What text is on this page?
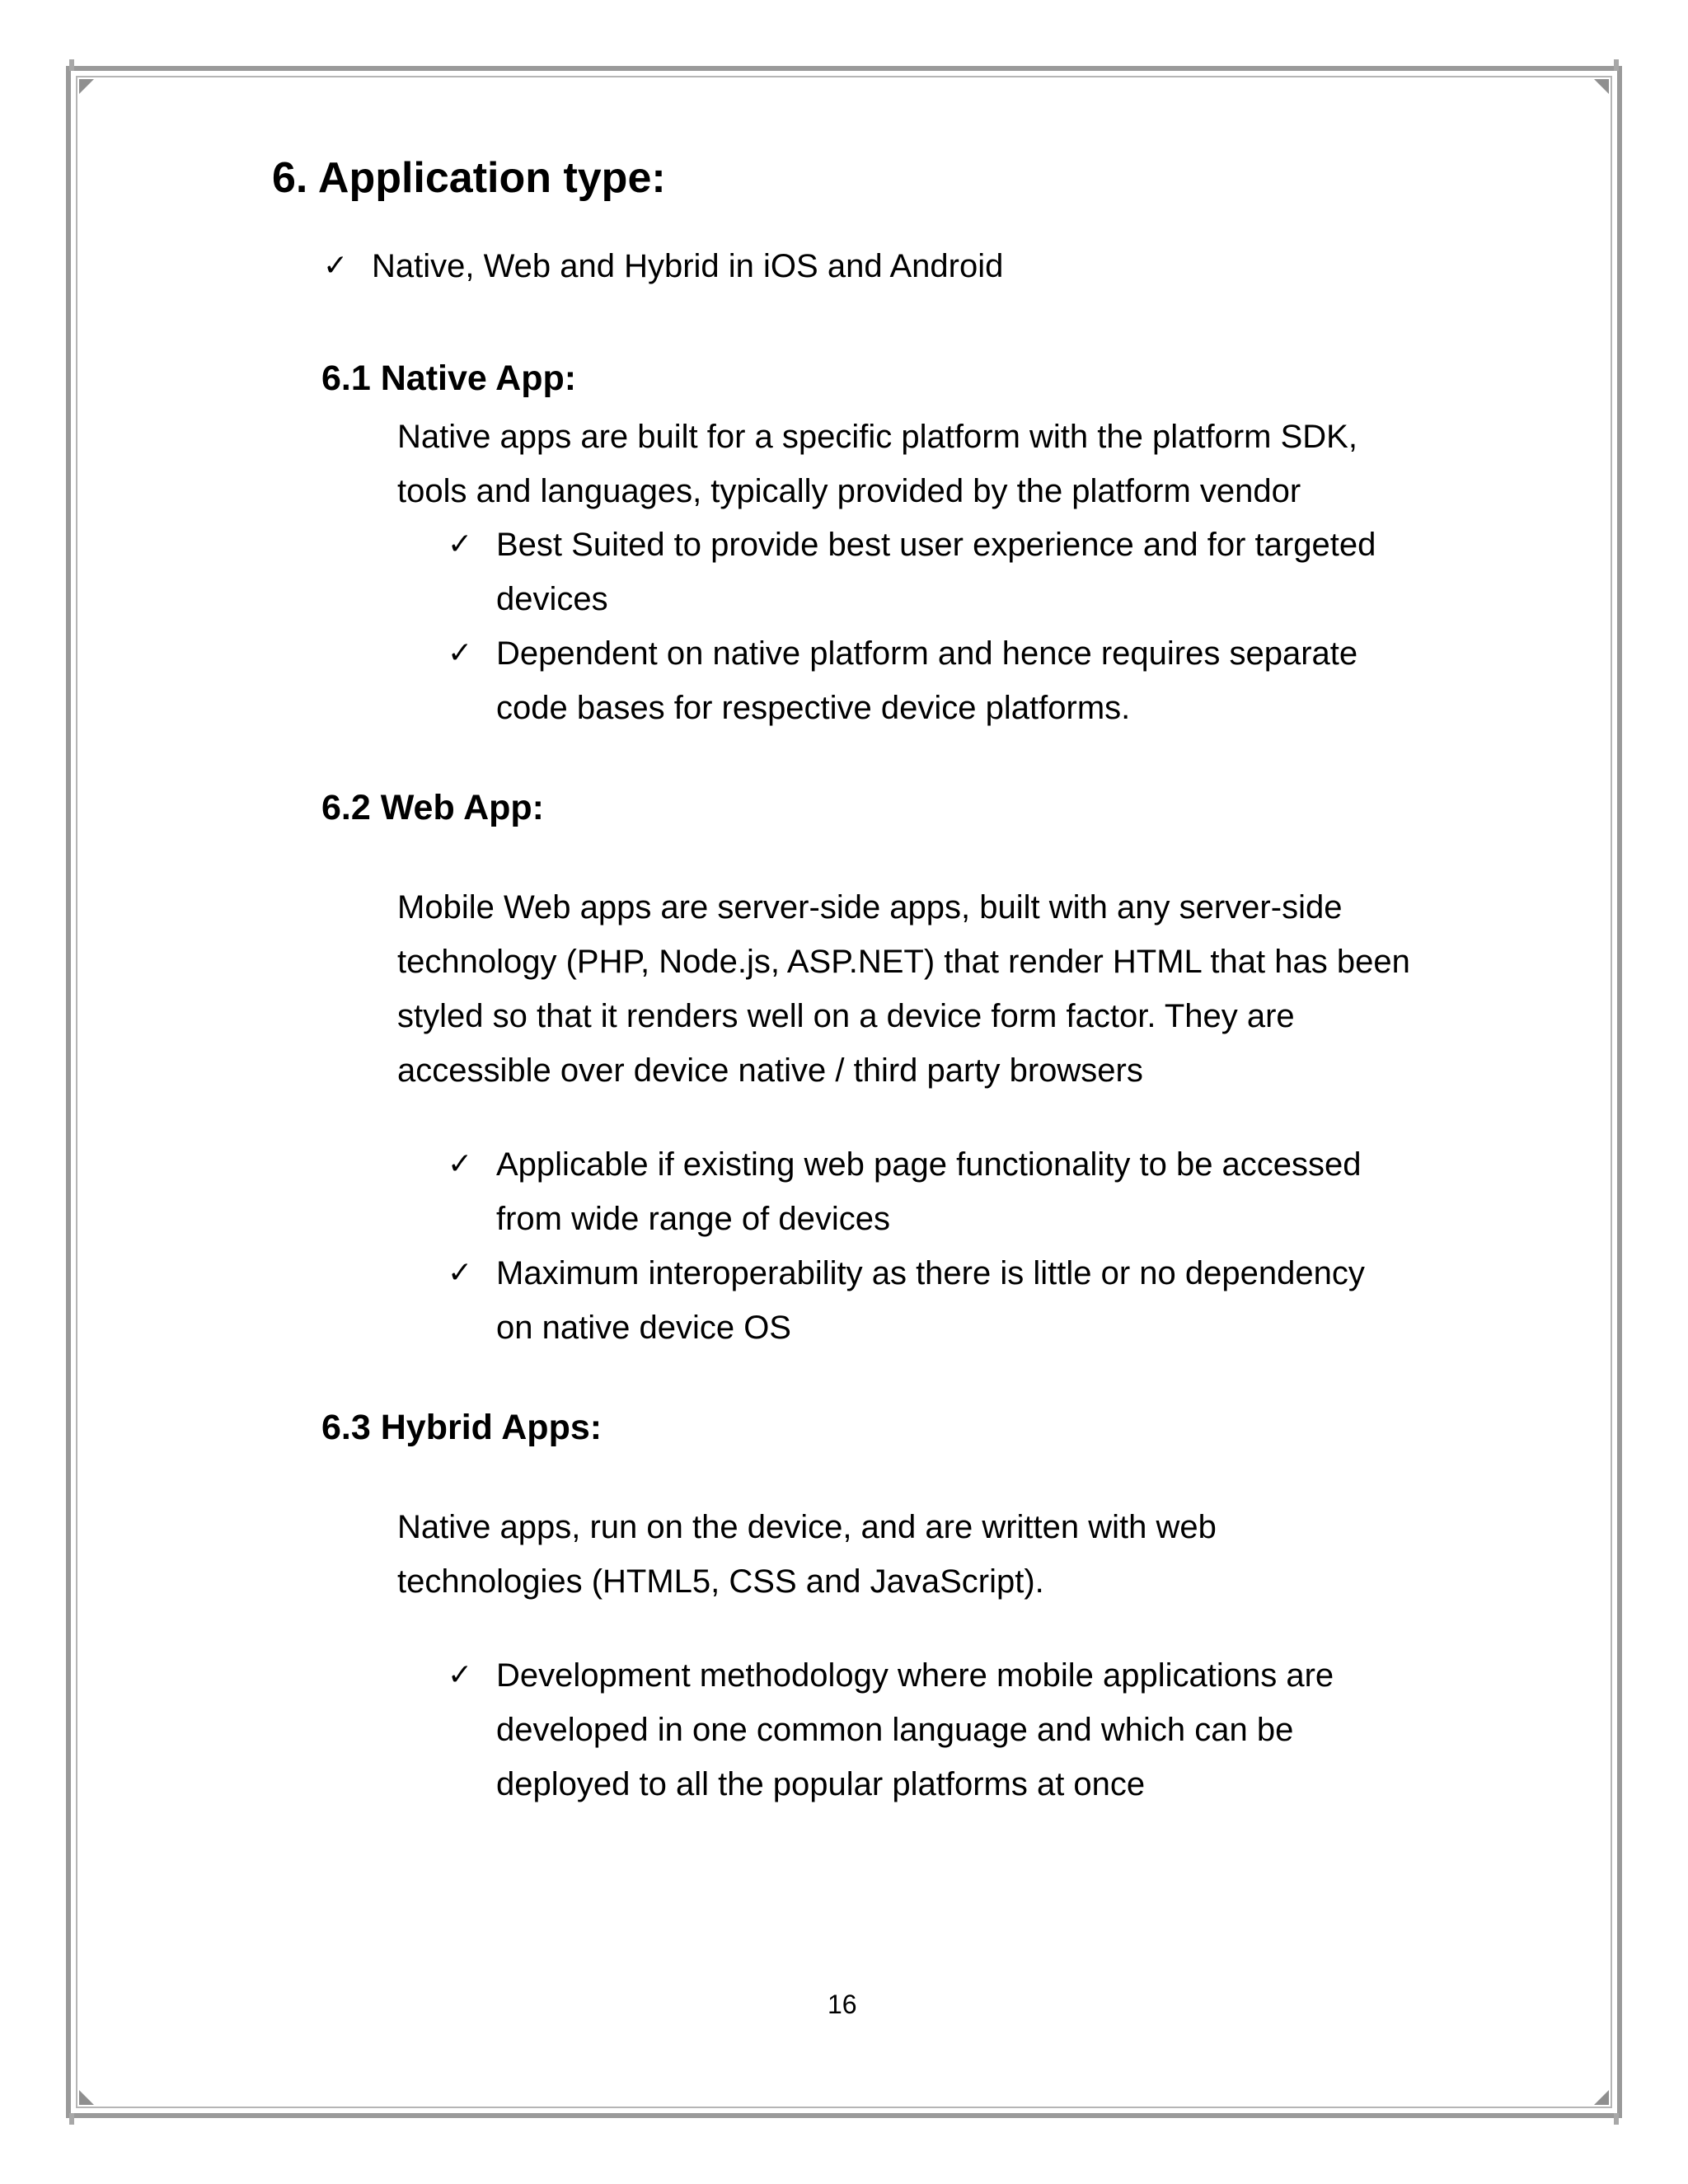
6. Application type:
✓ Native, Web and Hybrid in iOS and Android
6.1 Native App:
Native apps are built for a specific platform with the platform SDK,
tools and languages, typically provided by the platform vendor
✓ Best Suited to provide best user experience and for targeted
devices
✓ Dependent on native platform and hence requires separate
code bases for respective device platforms.
6.2 Web App:
Mobile Web apps are server-side apps, built with any server-side
technology (PHP, Node.js, ASP.NET) that render HTML that has been
styled so that it renders well on a device form factor. They are
accessible over device native / third party browsers
✓ Applicable if existing web page functionality to be accessed
from wide range of devices
✓ Maximum interoperability as there is little or no dependency
on native device OS
6.3 Hybrid Apps:
Native apps, run on the device, and are written with web
technologies (HTML5, CSS and JavaScript).
✓ Development methodology where mobile applications are
developed in one common language and which can be
deployed to all the popular platforms at once
16
